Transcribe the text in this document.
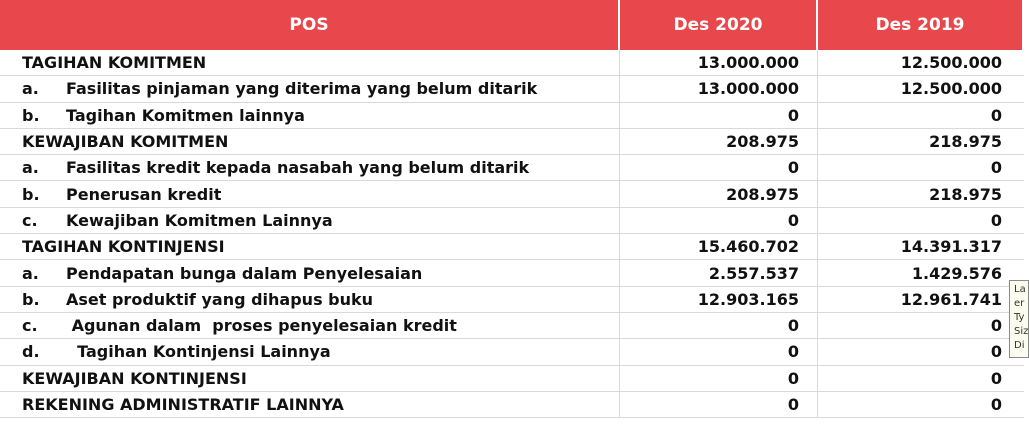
POS	Des 2020	Des 2019
TAGIHAN KOMITMEN	13.000.000	12.500.000
a.	Fasilitas pinjaman yang diterima yang belum ditarik	13.000.000	12.500.000
b.	Tagihan Komitmen lainnya	0	0
KEWAJIBAN KOMITMEN	208.975	218.975
a.	Fasilitas kredit kepada nasabah yang belum ditarik	0	0
b.	Penerusan kredit	208.975	218.975
c.	Kewajiban Komitmen Lainnya	0	0
TAGIHAN KONTINJENSI	15.460.702	14.391.317
a.	Pendapatan bunga dalam Penyelesaian	2.557.537	1.429.576
b.	Aset produktif yang dihapus buku	12.903.165	12.961.741
c.	Agunan dalam  proses penyelesaian kredit	0	0
d.	Tagihan Kontinjensi Lainnya	0	0
KEWAJIBAN KONTINJENSI	0	0
REKENING ADMINISTRATIF LAINNYA	0	0
La
er
Ty
Siz
Di
